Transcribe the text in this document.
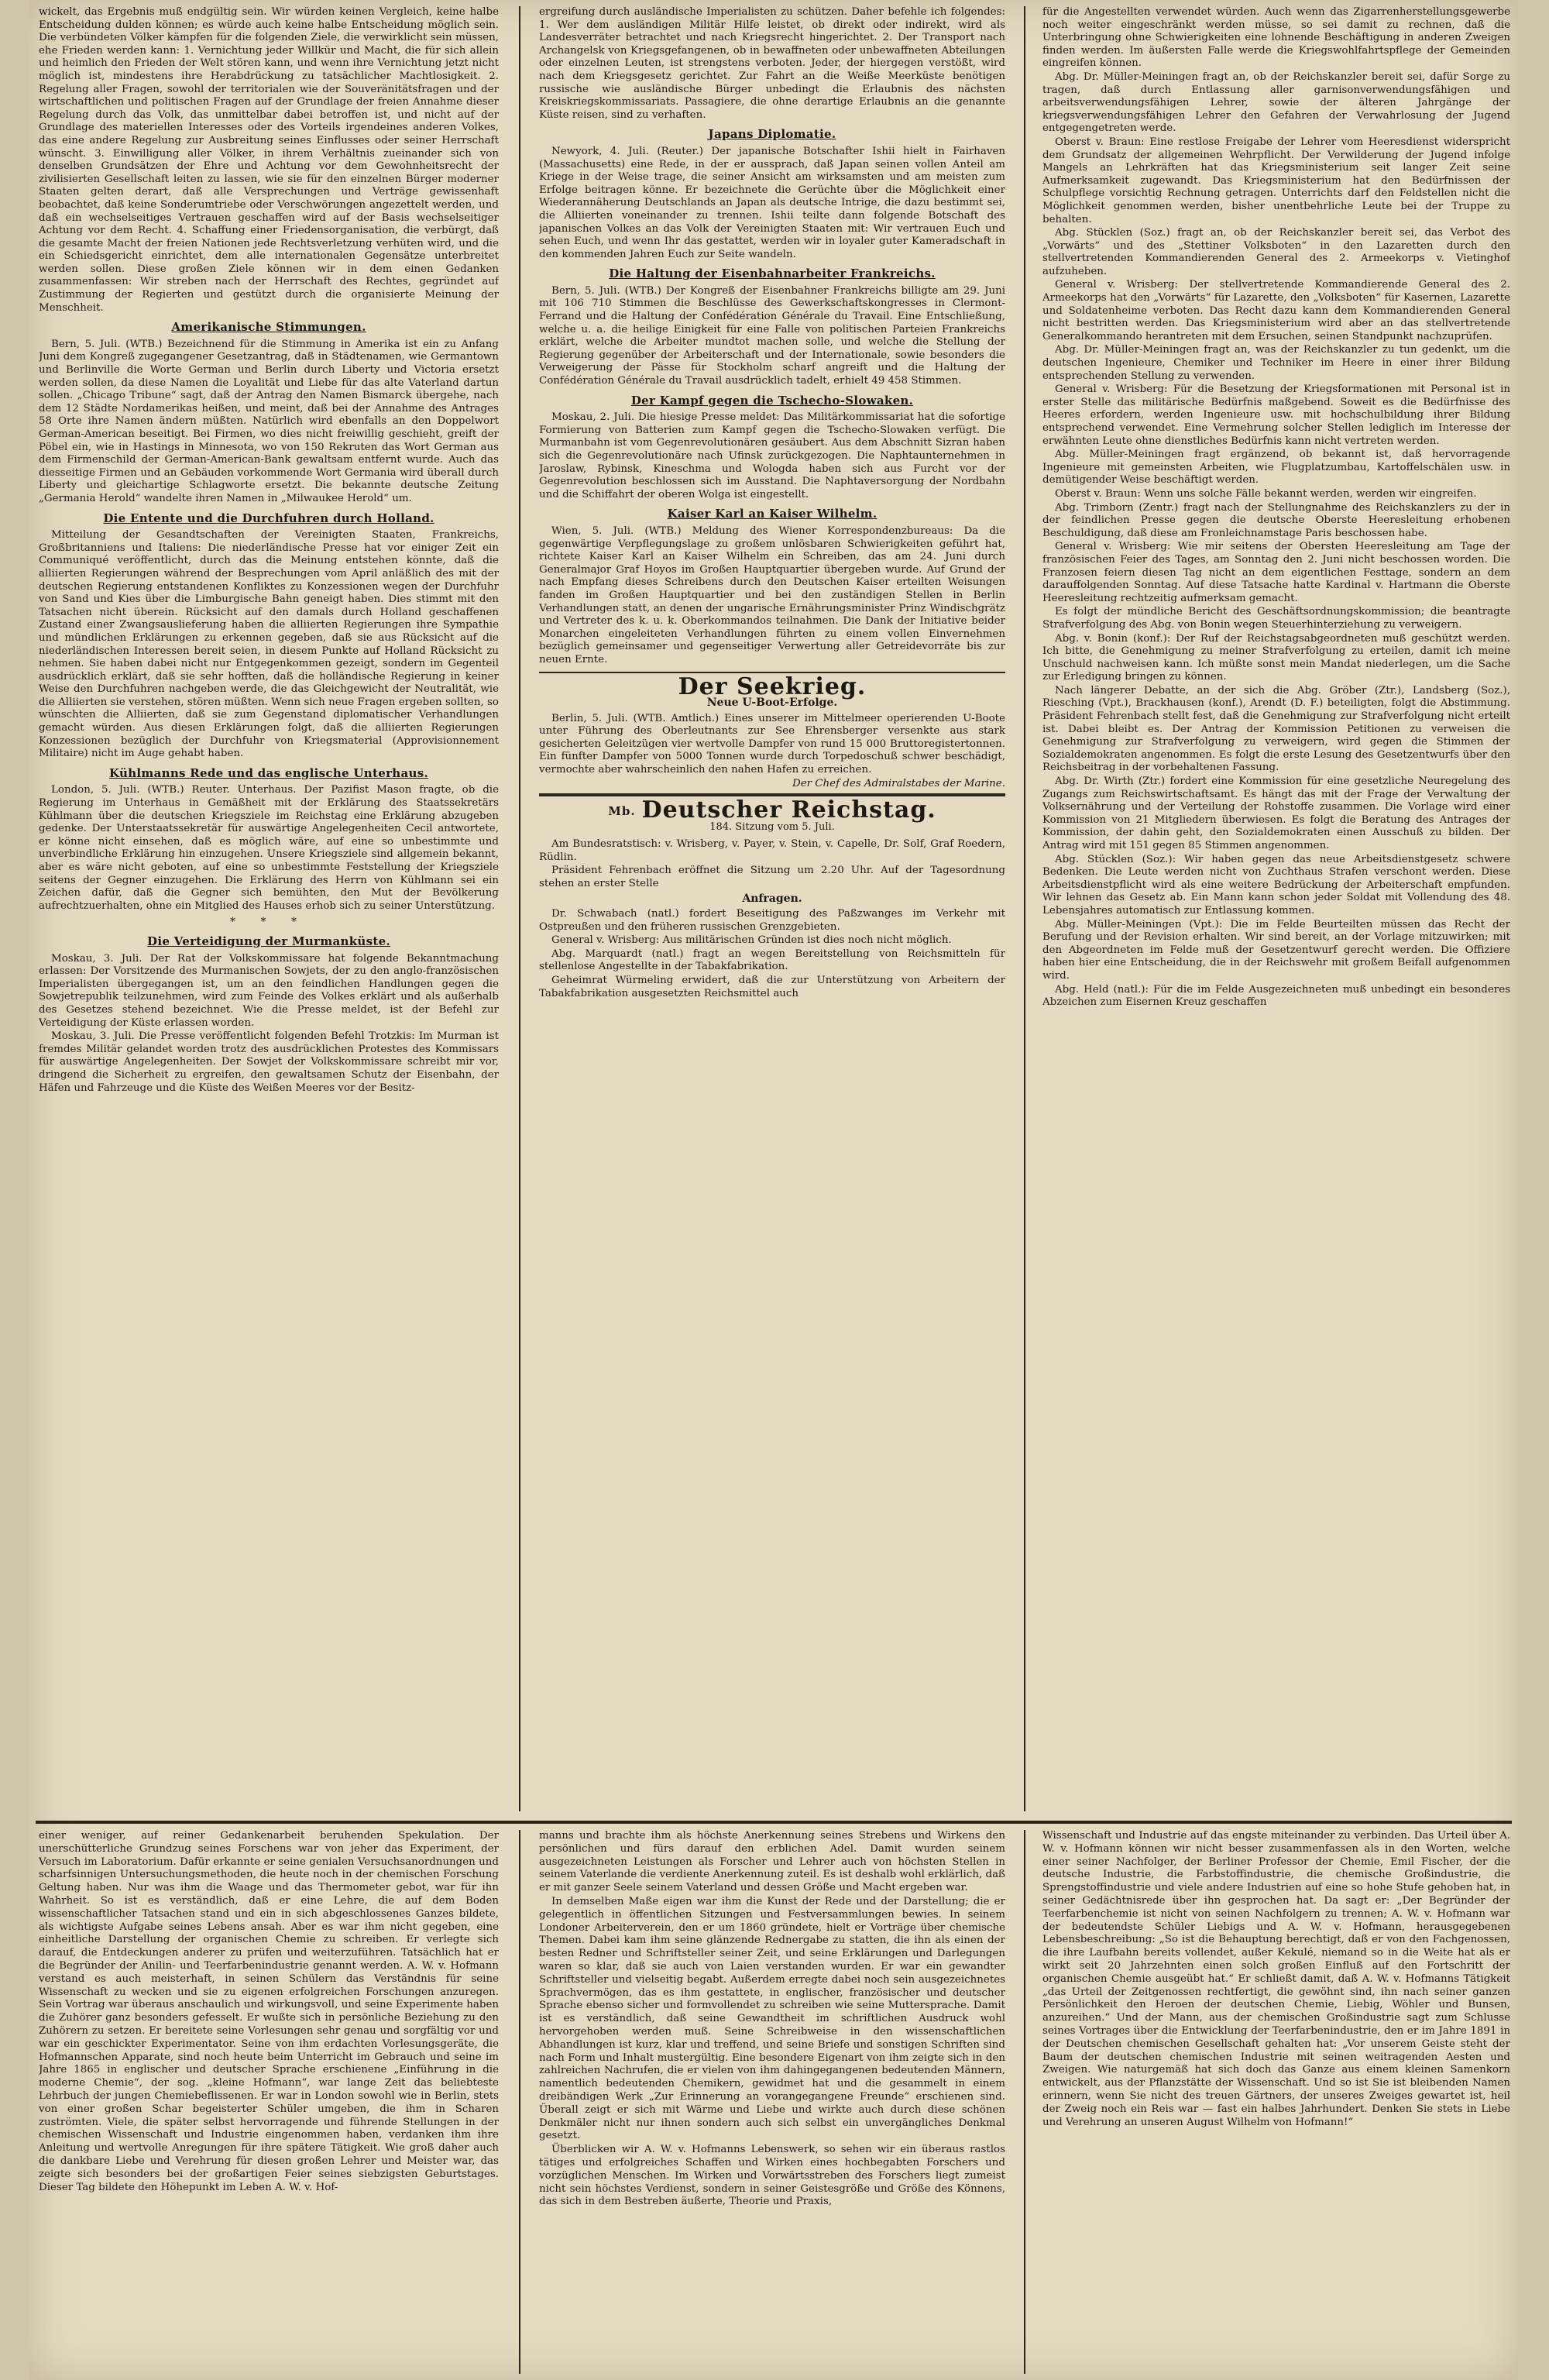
wickelt, das Ergebnis muß endgültig sein. Wir würden keinen Vergleich, keine halbe Entscheidung dulden können; es würde auch keine halbe Entscheidung möglich sein. Die verbündeten Völker kämpfen für die folgenden Ziele, die verwirklicht sein müssen, ehe Frieden werden kann: 1. Vernichtung jeder Willkür und Macht, die für sich allein und heimlich den Frieden der Welt stören kann, und wenn ihre Vernichtung jetzt nicht möglich ist, mindestens ihre Herabdrückung zu tatsächlicher Machtlosigkeit. 2. Regelung aller Fragen, sowohl der territorialen wie der Souveränitätsfragen und der wirtschaftlichen und politischen Fragen auf der Grundlage der freien Annahme dieser Regelung durch das Volk, das unmittelbar dabei betroffen ist, und nicht auf der Grundlage des materiellen Interesses oder des Vorteils irgendeines anderen Volkes, das eine andere Regelung zur Ausbreitung seines Einflusses oder seiner Herrschaft wünscht. 3. Einwilligung aller Völker, in ihrem Verhältnis zueinander sich von denselben Grundsätzen der Ehre und Achtung vor dem Gewohnheitsrecht der zivilisierten Gesellschaft leiten zu lassen, wie sie für den einzelnen Bürger moderner Staaten gelten derart, daß alle Versprechungen und Verträge gewissenhaft beobachtet, daß keine Sonderumtriebe oder Verschwörungen angezettelt werden, und daß ein wechselseitiges Vertrauen geschaffen wird auf der Basis wechselseitiger Achtung vor dem Recht. 4. Schaffung einer Friedensorganisation, die verbürgt, daß die gesamte Macht der freien Nationen jede Rechtsverletzung verhüten wird, und die ein Schiedsgericht einrichtet, dem alle internationalen Gegensätze unterbreitet werden sollen. Diese großen Ziele können wir in dem einen Gedanken zusammenfassen: Wir streben nach der Herrschaft des Rechtes, gegründet auf Zustimmung der Regierten und gestützt durch die organisierte Meinung der Menschheit.

Amerikanische Stimmungen.

Bern, 5. Juli. (WTB.) Bezeichnend für die Stimmung in Amerika ist ein zu Anfang Juni dem Kongreß zugegangener Gesetzantrag, daß in Städtenamen, wie Germantown und Berlinville die Worte German und Berlin durch Liberty und Victoria ersetzt werden sollen, da diese Namen die Loyalität und Liebe für das alte Vaterland dartun sollen. „Chicago Tribune“ sagt, daß der Antrag den Namen Bismarck übergehe, nach dem 12 Städte Nordamerikas heißen, und meint, daß bei der Annahme des Antrages 58 Orte ihre Namen ändern müßten. Natürlich wird ebenfalls an den Doppelwort German-American beseitigt. Bei Firmen, wo dies nicht freiwillig geschieht, greift der Pöbel ein, wie in Hastings in Minnesota, wo von 150 Rekruten das Wort German aus dem Firmenschild der German-American-Bank gewaltsam entfernt wurde. Auch das diesseitige Firmen und an Gebäuden vorkommende Wort Germania wird überall durch Liberty und gleichartige Schlagworte ersetzt. Die bekannte deutsche Zeitung „Germania Herold“ wandelte ihren Namen in „Milwaukee Herold“ um.

Die Entente und die Durchfuhren durch Holland.

Mitteilung der Gesandtschaften der Vereinigten Staaten, Frankreichs, Großbritanniens und Italiens: Die niederländische Presse hat vor einiger Zeit ein Communiqué veröffentlicht, durch das die Meinung entstehen könnte, daß die alliierten Regierungen während der Besprechungen vom April anläßlich des mit der deutschen Regierung entstandenen Konfliktes zu Konzessionen wegen der Durchfuhr von Sand und Kies über die Limburgische Bahn geneigt haben. Dies stimmt mit den Tatsachen nicht überein. Rücksicht auf den damals durch Holland geschaffenen Zustand einer Zwangsauslieferung haben die alliierten Regierungen ihre Sympathie und mündlichen Erklärungen zu erkennen gegeben, daß sie aus Rücksicht auf die niederländischen Interessen bereit seien, in diesem Punkte auf Holland Rücksicht zu nehmen. Sie haben dabei nicht nur Entgegenkommen gezeigt, sondern im Gegenteil ausdrücklich erklärt, daß sie sehr hofften, daß die holländische Regierung in keiner Weise den Durchfuhren nachgeben werde, die das Gleichgewicht der Neutralität, wie die Alliierten sie verstehen, stören müßten. Wenn sich neue Fragen ergeben sollten, so wünschten die Alliierten, daß sie zum Gegenstand diplomatischer Verhandlungen gemacht würden. Aus diesen Erklärungen folgt, daß die alliierten Regierungen Konzessionen bezüglich der Durchfuhr von Kriegsmaterial (Approvisionnement Militaire) nicht im Auge gehabt haben.

Kühlmanns Rede und das englische Unterhaus.

London, 5. Juli. (WTB.) Reuter. Unterhaus. Der Pazifist Mason fragte, ob die Regierung im Unterhaus in Gemäßheit mit der Erklärung des Staatssekretärs Kühlmann über die deutschen Kriegsziele im Reichstag eine Erklärung abzugeben gedenke. Der Unterstaatssekretär für auswärtige Angelegenheiten Cecil antwortete, er könne nicht einsehen, daß es möglich wäre, auf eine so unbestimmte und unverbindliche Erklärung hin einzugehen. Unsere Kriegsziele sind allgemein bekannt, aber es wäre nicht geboten, auf eine so unbestimmte Feststellung der Kriegsziele seitens der Gegner einzugehen. Die Erklärung des Herrn von Kühlmann sei ein Zeichen dafür, daß die Gegner sich bemühten, den Mut der Bevölkerung aufrechtzuerhalten, ohne ein Mitglied des Hauses erhob sich zu seiner Unterstützung.

* * *
Die Verteidigung der Murmanküste.

Moskau, 3. Juli. Der Rat der Volkskommissare hat folgende Bekanntmachung erlassen: Der Vorsitzende des Murmanischen Sowjets, der zu den anglo-französischen Imperialisten übergegangen ist, um an den feindlichen Handlungen gegen die Sowjetrepublik teilzunehmen, wird zum Feinde des Volkes erklärt und als außerhalb des Gesetzes stehend bezeichnet. Wie die Presse meldet, ist der Befehl zur Verteidigung der Küste erlassen worden.

Moskau, 3. Juli. Die Presse veröffentlicht folgenden Befehl Trotzkis: Im Murman ist fremdes Militär gelandet worden trotz des ausdrücklichen Protestes des Kommissars für auswärtige Angelegenheiten. Der Sowjet der Volkskommissare schreibt mir vor, dringend die Sicherheit zu ergreifen, den gewaltsamen Schutz der Eisenbahn, der Häfen und Fahrzeuge und die Küste des Weißen Meeres vor der Besitz-

ergreifung durch ausländische Imperialisten zu schützen. Daher befehle ich folgendes: 1. Wer dem ausländigen Militär Hilfe leistet, ob direkt oder indirekt, wird als Landesverräter betrachtet und nach Kriegsrecht hingerichtet. 2. Der Transport nach Archangelsk von Kriegsgefangenen, ob in bewaffneten oder unbewaffneten Abteilungen oder einzelnen Leuten, ist strengstens verboten. Jeder, der hiergegen verstößt, wird nach dem Kriegsgesetz gerichtet. Zur Fahrt an die Weiße Meerküste benötigen russische wie ausländische Bürger unbedingt die Erlaubnis des nächsten Kreiskriegskommissariats. Passagiere, die ohne derartige Erlaubnis an die genannte Küste reisen, sind zu verhaften.

Japans Diplomatie.

Newyork, 4. Juli. (Reuter.) Der japanische Botschafter Ishii hielt in Fairhaven (Massachusetts) eine Rede, in der er aussprach, daß Japan seinen vollen Anteil am Kriege in der Weise trage, die seiner Ansicht am wirksamsten und am meisten zum Erfolge beitragen könne. Er bezeichnete die Gerüchte über die Möglichkeit einer Wiederannäherung Deutschlands an Japan als deutsche Intrige, die dazu bestimmt sei, die Alliierten voneinander zu trennen. Ishii teilte dann folgende Botschaft des japanischen Volkes an das Volk der Vereinigten Staaten mit: Wir vertrauen Euch und sehen Euch, und wenn Ihr das gestattet, werden wir in loyaler guter Kameradschaft in den kommenden Jahren Euch zur Seite wandeln.

Die Haltung der Eisenbahnarbeiter Frankreichs.

Bern, 5. Juli. (WTB.) Der Kongreß der Eisenbahner Frankreichs billigte am 29. Juni mit 106 710 Stimmen die Beschlüsse des Gewerkschaftskongresses in Clermont-Ferrand und die Haltung der Confédération Générale du Travail. Eine Entschließung, welche u. a. die heilige Einigkeit für eine Falle von politischen Parteien Frankreichs erklärt, welche die Arbeiter mundtot machen solle, und welche die Stellung der Regierung gegenüber der Arbeiterschaft und der Internationale, sowie besonders die Verweigerung der Pässe für Stockholm scharf angreift und die Haltung der Confédération Générale du Travail ausdrücklich tadelt, erhielt 49 458 Stimmen.

Der Kampf gegen die Tschecho-Slowaken.

Moskau, 2. Juli. Die hiesige Presse meldet: Das Militärkommissariat hat die sofortige Formierung von Batterien zum Kampf gegen die Tschecho-Slowaken verfügt. Die Murmanbahn ist vom Gegenrevolutionären gesäubert. Aus dem Abschnitt Sizran haben sich die Gegenrevolutionäre nach Ufinsk zurückgezogen. Die Naphtaunternehmen in Jaroslaw, Rybinsk, Kineschma und Wologda haben sich aus Furcht vor der Gegenrevolution beschlossen sich im Ausstand. Die Naphtaversorgung der Nordbahn und die Schiffahrt der oberen Wolga ist eingestellt.

Kaiser Karl an Kaiser Wilhelm.

Wien, 5. Juli. (WTB.) Meldung des Wiener Korrespondenzbureaus: Da die gegenwärtige Verpflegungslage zu großem unlösbaren Schwierigkeiten geführt hat, richtete Kaiser Karl an Kaiser Wilhelm ein Schreiben, das am 24. Juni durch Generalmajor Graf Hoyos im Großen Hauptquartier übergeben wurde. Auf Grund der nach Empfang dieses Schreibens durch den Deutschen Kaiser erteilten Weisungen fanden im Großen Hauptquartier und bei den zuständigen Stellen in Berlin Verhandlungen statt, an denen der ungarische Ernährungsminister Prinz Windischgrätz und Vertreter des k. u. k. Oberkommandos teilnahmen. Die Dank der Initiative beider Monarchen eingeleiteten Verhandlungen führten zu einem vollen Einvernehmen bezüglich gemeinsamer und gegenseitiger Verwertung aller Getreidevorräte bis zur neuen Ernte.

Der Seekrieg.
Neue U-Boot-Erfolge.

Berlin, 5. Juli. (WTB. Amtlich.) Eines unserer im Mittelmeer operierenden U-Boote unter Führung des Oberleutnants zur See Ehrensberger versenkte aus stark gesicherten Geleitzügen vier wertvolle Dampfer von rund 15 000 Bruttoregistertonnen. Ein fünfter Dampfer von 5000 Tonnen wurde durch Torpedoschuß schwer beschädigt, vermochte aber wahrscheinlich den nahen Hafen zu erreichen.

Der Chef des Admiralstabes der Marine.

Mb. Deutscher Reichstag.
184. Sitzung vom 5. Juli.

Am Bundesratstisch: v. Wrisberg, v. Payer, v. Stein, v. Capelle, Dr. Solf, Graf Roedern, Rüdlin.

Präsident Fehrenbach eröffnet die Sitzung um 2.20 Uhr. Auf der Tagesordnung stehen an erster Stelle

Anfragen.

Dr. Schwabach (natl.) fordert Beseitigung des Paßzwanges im Verkehr mit Ostpreußen und den früheren russischen Grenzgebieten.

General v. Wrisberg: Aus militärischen Gründen ist dies noch nicht möglich.

Abg. Marquardt (natl.) fragt an wegen Bereitstellung von Reichsmitteln für stellenlose Angestellte in der Tabakfabrikation.

Geheimrat Würmeling erwidert, daß die zur Unterstützung von Arbeitern der Tabakfabrikation ausgesetzten Reichsmittel auch

für die Angestellten verwendet würden. Auch wenn das Zigarrenherstellungsgewerbe noch weiter eingeschränkt werden müsse, so sei damit zu rechnen, daß die Unterbringung ohne Schwierigkeiten eine lohnende Beschäftigung in anderen Zweigen finden werden. Im äußersten Falle werde die Kriegswohlfahrtspflege der Gemeinden eingreifen können.

Abg. Dr. Müller-Meiningen fragt an, ob der Reichskanzler bereit sei, dafür Sorge zu tragen, daß durch Entlassung aller garnisonverwendungsfähigen und arbeitsverwendungsfähigen Lehrer, sowie der älteren Jahrgänge der kriegsverwendungsfähigen Lehrer den Gefahren der Verwahrlosung der Jugend entgegengetreten werde.

Oberst v. Braun: Eine restlose Freigabe der Lehrer vom Heeresdienst widerspricht dem Grundsatz der allgemeinen Wehrpflicht. Der Verwilderung der Jugend infolge Mangels an Lehrkräften hat das Kriegsministerium seit langer Zeit seine Aufmerksamkeit zugewandt. Das Kriegsministerium hat den Bedürfnissen der Schulpflege vorsichtig Rechnung getragen. Unterrichts darf den Feldstellen nicht die Möglichkeit genommen werden, bisher unentbehrliche Leute bei der Truppe zu behalten.

Abg. Stücklen (Soz.) fragt an, ob der Reichskanzler bereit sei, das Verbot des „Vorwärts“ und des „Stettiner Volksboten“ in den Lazaretten durch den stellvertretenden Kommandierenden General des 2. Armeekorps v. Vietinghof aufzuheben.

General v. Wrisberg: Der stellvertretende Kommandierende General des 2. Armeekorps hat den „Vorwärts“ für Lazarette, den „Volksboten“ für Kasernen, Lazarette und Soldatenheime verboten. Das Recht dazu kann dem Kommandierenden General nicht bestritten werden. Das Kriegsministerium wird aber an das stellvertretende Generalkommando herantreten mit dem Ersuchen, seinen Standpunkt nachzuprüfen.

Abg. Dr. Müller-Meiningen fragt an, was der Reichskanzler zu tun gedenkt, um die deutschen Ingenieure, Chemiker und Techniker im Heere in einer ihrer Bildung entsprechenden Stellung zu verwenden.

General v. Wrisberg: Für die Besetzung der Kriegsformationen mit Personal ist in erster Stelle das militärische Bedürfnis maßgebend. Soweit es die Bedürfnisse des Heeres erfordern, werden Ingenieure usw. mit hochschulbildung ihrer Bildung entsprechend verwendet. Eine Vermehrung solcher Stellen lediglich im Interesse der erwähnten Leute ohne dienstliches Bedürfnis kann nicht vertreten werden.

Abg. Müller-Meiningen fragt ergänzend, ob bekannt ist, daß hervorragende Ingenieure mit gemeinsten Arbeiten, wie Flugplatzumbau, Kartoffelschälen usw. in demütigender Weise beschäftigt werden.

Oberst v. Braun: Wenn uns solche Fälle bekannt werden, werden wir eingreifen.

Abg. Trimborn (Zentr.) fragt nach der Stellungnahme des Reichskanzlers zu der in der feindlichen Presse gegen die deutsche Oberste Heeresleitung erhobenen Beschuldigung, daß diese am Fronleichnamstage Paris beschossen habe.

General v. Wrisberg: Wie mir seitens der Obersten Heeresleitung am Tage der französischen Feier des Tages, am Sonntag den 2. Juni nicht beschossen worden. Die Franzosen feiern diesen Tag nicht an dem eigentlichen Festtage, sondern an dem darauffolgenden Sonntag. Auf diese Tatsache hatte Kardinal v. Hartmann die Oberste Heeresleitung rechtzeitig aufmerksam gemacht.

Es folgt der mündliche Bericht des Geschäftsordnungskommission; die beantragte Strafverfolgung des Abg. von Bonin wegen Steuerhinterziehung zu verweigern.

Abg. v. Bonin (konf.): Der Ruf der Reichstagsabgeordneten muß geschützt werden. Ich bitte, die Genehmigung zu meiner Strafverfolgung zu erteilen, damit ich meine Unschuld nachweisen kann. Ich müßte sonst mein Mandat niederlegen, um die Sache zur Erledigung bringen zu können.

Nach längerer Debatte, an der sich die Abg. Gröber (Ztr.), Landsberg (Soz.), Riesching (Vpt.), Brackhausen (konf.), Arendt (D. F.) beteiligten, folgt die Abstimmung. Präsident Fehrenbach stellt fest, daß die Genehmigung zur Strafverfolgung nicht erteilt ist. Dabei bleibt es. Der Antrag der Kommission Petitionen zu verweisen die Genehmigung zur Strafverfolgung zu verweigern, wird gegen die Stimmen der Sozialdemokraten angenommen. Es folgt die erste Lesung des Gesetzentwurfs über den Reichsbeitrag in der vorbehaltenen Fassung.

Abg. Dr. Wirth (Ztr.) fordert eine Kommission für eine gesetzliche Neuregelung des Zugangs zum Reichswirtschaftsamt. Es hängt das mit der Frage der Verwaltung der Volksernährung und der Verteilung der Rohstoffe zusammen. Die Vorlage wird einer Kommission von 21 Mitgliedern überwiesen. Es folgt die Beratung des Antrages der Kommission, der dahin geht, den Sozialdemokraten einen Ausschuß zu bilden. Der Antrag wird mit 151 gegen 85 Stimmen angenommen.

Abg. Stücklen (Soz.): Wir haben gegen das neue Arbeitsdienstgesetz schwere Bedenken. Die Leute werden nicht von Zuchthaus Strafen verschont werden. Diese Arbeitsdienstpflicht wird als eine weitere Bedrückung der Arbeiterschaft empfunden. Wir lehnen das Gesetz ab. Ein Mann kann schon jeder Soldat mit Vollendung des 48. Lebensjahres automatisch zur Entlassung kommen.

Abg. Müller-Meiningen (Vpt.): Die im Felde Beurteilten müssen das Recht der Berufung und der Revision erhalten. Wir sind bereit, an der Vorlage mitzuwirken; mit den Abgeordneten im Felde muß der Gesetzentwurf gerecht werden. Die Offiziere haben hier eine Entscheidung, die in der Reichswehr mit großem Beifall aufgenommen wird.

Abg. Held (natl.): Für die im Felde Ausgezeichneten muß unbedingt ein besonderes Abzeichen zum Eisernen Kreuz geschaffen

einer weniger, auf reiner Gedankenarbeit beruhenden Spekulation. Der unerschütterliche Grundzug seines Forschens war von jeher das Experiment, der Versuch im Laboratorium. Dafür erkannte er seine genialen Versuchsanordnungen und scharfsinnigen Untersuchungsmethoden, die heute noch in der chemischen Forschung Geltung haben. Nur was ihm die Waage und das Thermometer gebot, war für ihn Wahrheit. So ist es verständlich, daß er eine Lehre, die auf dem Boden wissenschaftlicher Tatsachen stand und ein in sich abgeschlossenes Ganzes bildete, als wichtigste Aufgabe seines Lebens ansah. Aber es war ihm nicht gegeben, eine einheitliche Darstellung der organischen Chemie zu schreiben. Er verlegte sich darauf, die Entdeckungen anderer zu prüfen und weiterzuführen. Tatsächlich hat er die Begründer der Anilin- und Teerfarbenindustrie genannt werden. A. W. v. Hofmann verstand es auch meisterhaft, in seinen Schülern das Verständnis für seine Wissenschaft zu wecken und sie zu eigenen erfolgreichen Forschungen anzuregen. Sein Vortrag war überaus anschaulich und wirkungsvoll, und seine Experimente haben die Zuhörer ganz besonders gefesselt. Er wußte sich in persönliche Beziehung zu den Zuhörern zu setzen. Er bereitete seine Vorlesungen sehr genau und sorgfältig vor und war ein geschickter Experimentator. Seine von ihm erdachten Vorlesungsgeräte, die Hofmannschen Apparate, sind noch heute beim Unterricht im Gebrauch und seine im Jahre 1865 in englischer und deutscher Sprache erschienene „Einführung in die moderne Chemie“, der sog. „kleine Hofmann“, war lange Zeit das beliebteste Lehrbuch der jungen Chemiebeflissenen. Er war in London sowohl wie in Berlin, stets von einer großen Schar begeisterter Schüler umgeben, die ihm in Scharen zuströmten. Viele, die später selbst hervorragende und führende Stellungen in der chemischen Wissenschaft und Industrie eingenommen haben, verdanken ihm ihre Anleitung und wertvolle Anregungen für ihre spätere Tätigkeit. Wie groß daher auch die dankbare Liebe und Verehrung für diesen großen Lehrer und Meister war, das zeigte sich besonders bei der großartigen Feier seines siebzigsten Geburtstages. Dieser Tag bildete den Höhepunkt im Leben A. W. v. Hof-

manns und brachte ihm als höchste Anerkennung seines Strebens und Wirkens den persönlichen und fürs darauf den erblichen Adel. Damit wurden seinem ausgezeichneten Leistungen als Forscher und Lehrer auch von höchsten Stellen in seinem Vaterlande die verdiente Anerkennung zuteil. Es ist deshalb wohl erklärlich, daß er mit ganzer Seele seinem Vaterland und dessen Größe und Macht ergeben war.

In demselben Maße eigen war ihm die Kunst der Rede und der Darstellung; die er gelegentlich in öffentlichen Sitzungen und Festversammlungen bewies. In seinem Londoner Arbeiterverein, den er um 1860 gründete, hielt er Vorträge über chemische Themen. Dabei kam ihm seine glänzende Rednergabe zu statten, die ihn als einen der besten Redner und Schriftsteller seiner Zeit, und seine Erklärungen und Darlegungen waren so klar, daß sie auch von Laien verstanden wurden. Er war ein gewandter Schriftsteller und vielseitig begabt. Außerdem erregte dabei noch sein ausgezeichnetes Sprachvermögen, das es ihm gestattete, in englischer, französischer und deutscher Sprache ebenso sicher und formvollendet zu schreiben wie seine Muttersprache. Damit ist es verständlich, daß seine Gewandtheit im schriftlichen Ausdruck wohl hervorgehoben werden muß. Seine Schreibweise in den wissenschaftlichen Abhandlungen ist kurz, klar und treffend, und seine Briefe und sonstigen Schriften sind nach Form und Inhalt mustergültig. Eine besondere Eigenart von ihm zeigte sich in den zahlreichen Nachrufen, die er vielen von ihm dahingegangenen bedeutenden Männern, namentlich bedeutenden Chemikern, gewidmet hat und die gesammelt in einem dreibändigen Werk „Zur Erinnerung an vorangegangene Freunde“ erschienen sind. Überall zeigt er sich mit Wärme und Liebe und wirkte auch durch diese schönen Denkmäler nicht nur ihnen sondern auch sich selbst ein unvergängliches Denkmal gesetzt.

Überblicken wir A. W. v. Hofmanns Lebenswerk, so sehen wir ein überaus rastlos tätiges und erfolgreiches Schaffen und Wirken eines hochbegabten Forschers und vorzüglichen Menschen. Im Wirken und Vorwärtsstreben des Forschers liegt zumeist nicht sein höchstes Verdienst, sondern in seiner Geistesgröße und Größe des Könnens, das sich in dem Bestreben äußerte, Theorie und Praxis,

Wissenschaft und Industrie auf das engste miteinander zu verbinden. Das Urteil über A. W. v. Hofmann können wir nicht besser zusammenfassen als in den Worten, welche einer seiner Nachfolger, der Berliner Professor der Chemie, Emil Fischer, der die deutsche Industrie, die Farbstoffindustrie, die chemische Großindustrie, die Sprengstoffindustrie und viele andere Industrien auf eine so hohe Stufe gehoben hat, in seiner Gedächtnisrede über ihn gesprochen hat. Da sagt er: „Der Begründer der Teerfarbenchemie ist nicht von seinen Nachfolgern zu trennen; A. W. v. Hofmann war der bedeutendste Schüler Liebigs und A. W. v. Hofmann, herausgegebenen Lebensbeschreibung: „So ist die Behauptung berechtigt, daß er von den Fachgenossen, die ihre Laufbahn bereits vollendet, außer Kekulé, niemand so in die Weite hat als er wirkt seit 20 Jahrzehnten einen solch großen Einfluß auf den Fortschritt der organischen Chemie ausgeübt hat.“ Er schließt damit, daß A. W. v. Hofmanns Tätigkeit „das Urteil der Zeitgenossen rechtfertigt, die gewöhnt sind, ihn nach seiner ganzen Persönlichkeit den Heroen der deutschen Chemie, Liebig, Wöhler und Bunsen, anzureihen.“ Und der Mann, aus der chemischen Großindustrie sagt zum Schlusse seines Vortrages über die Entwicklung der Teerfarbenindustrie, den er im Jahre 1891 in der Deutschen chemischen Gesellschaft gehalten hat: „Vor unserem Geiste steht der Baum der deutschen chemischen Industrie mit seinen weitragenden Aesten und Zweigen. Wie naturgemäß hat sich doch das Ganze aus einem kleinen Samenkorn entwickelt, aus der Pflanzstätte der Wissenschaft. Und so ist Sie ist bleibenden Namen erinnern, wenn Sie nicht des treuen Gärtners, der unseres Zweiges gewartet ist, heil der Zweig noch ein Reis war — fast ein halbes Jahrhundert. Denken Sie stets in Liebe und Verehrung an unseren August Wilhelm von Hofmann!“
